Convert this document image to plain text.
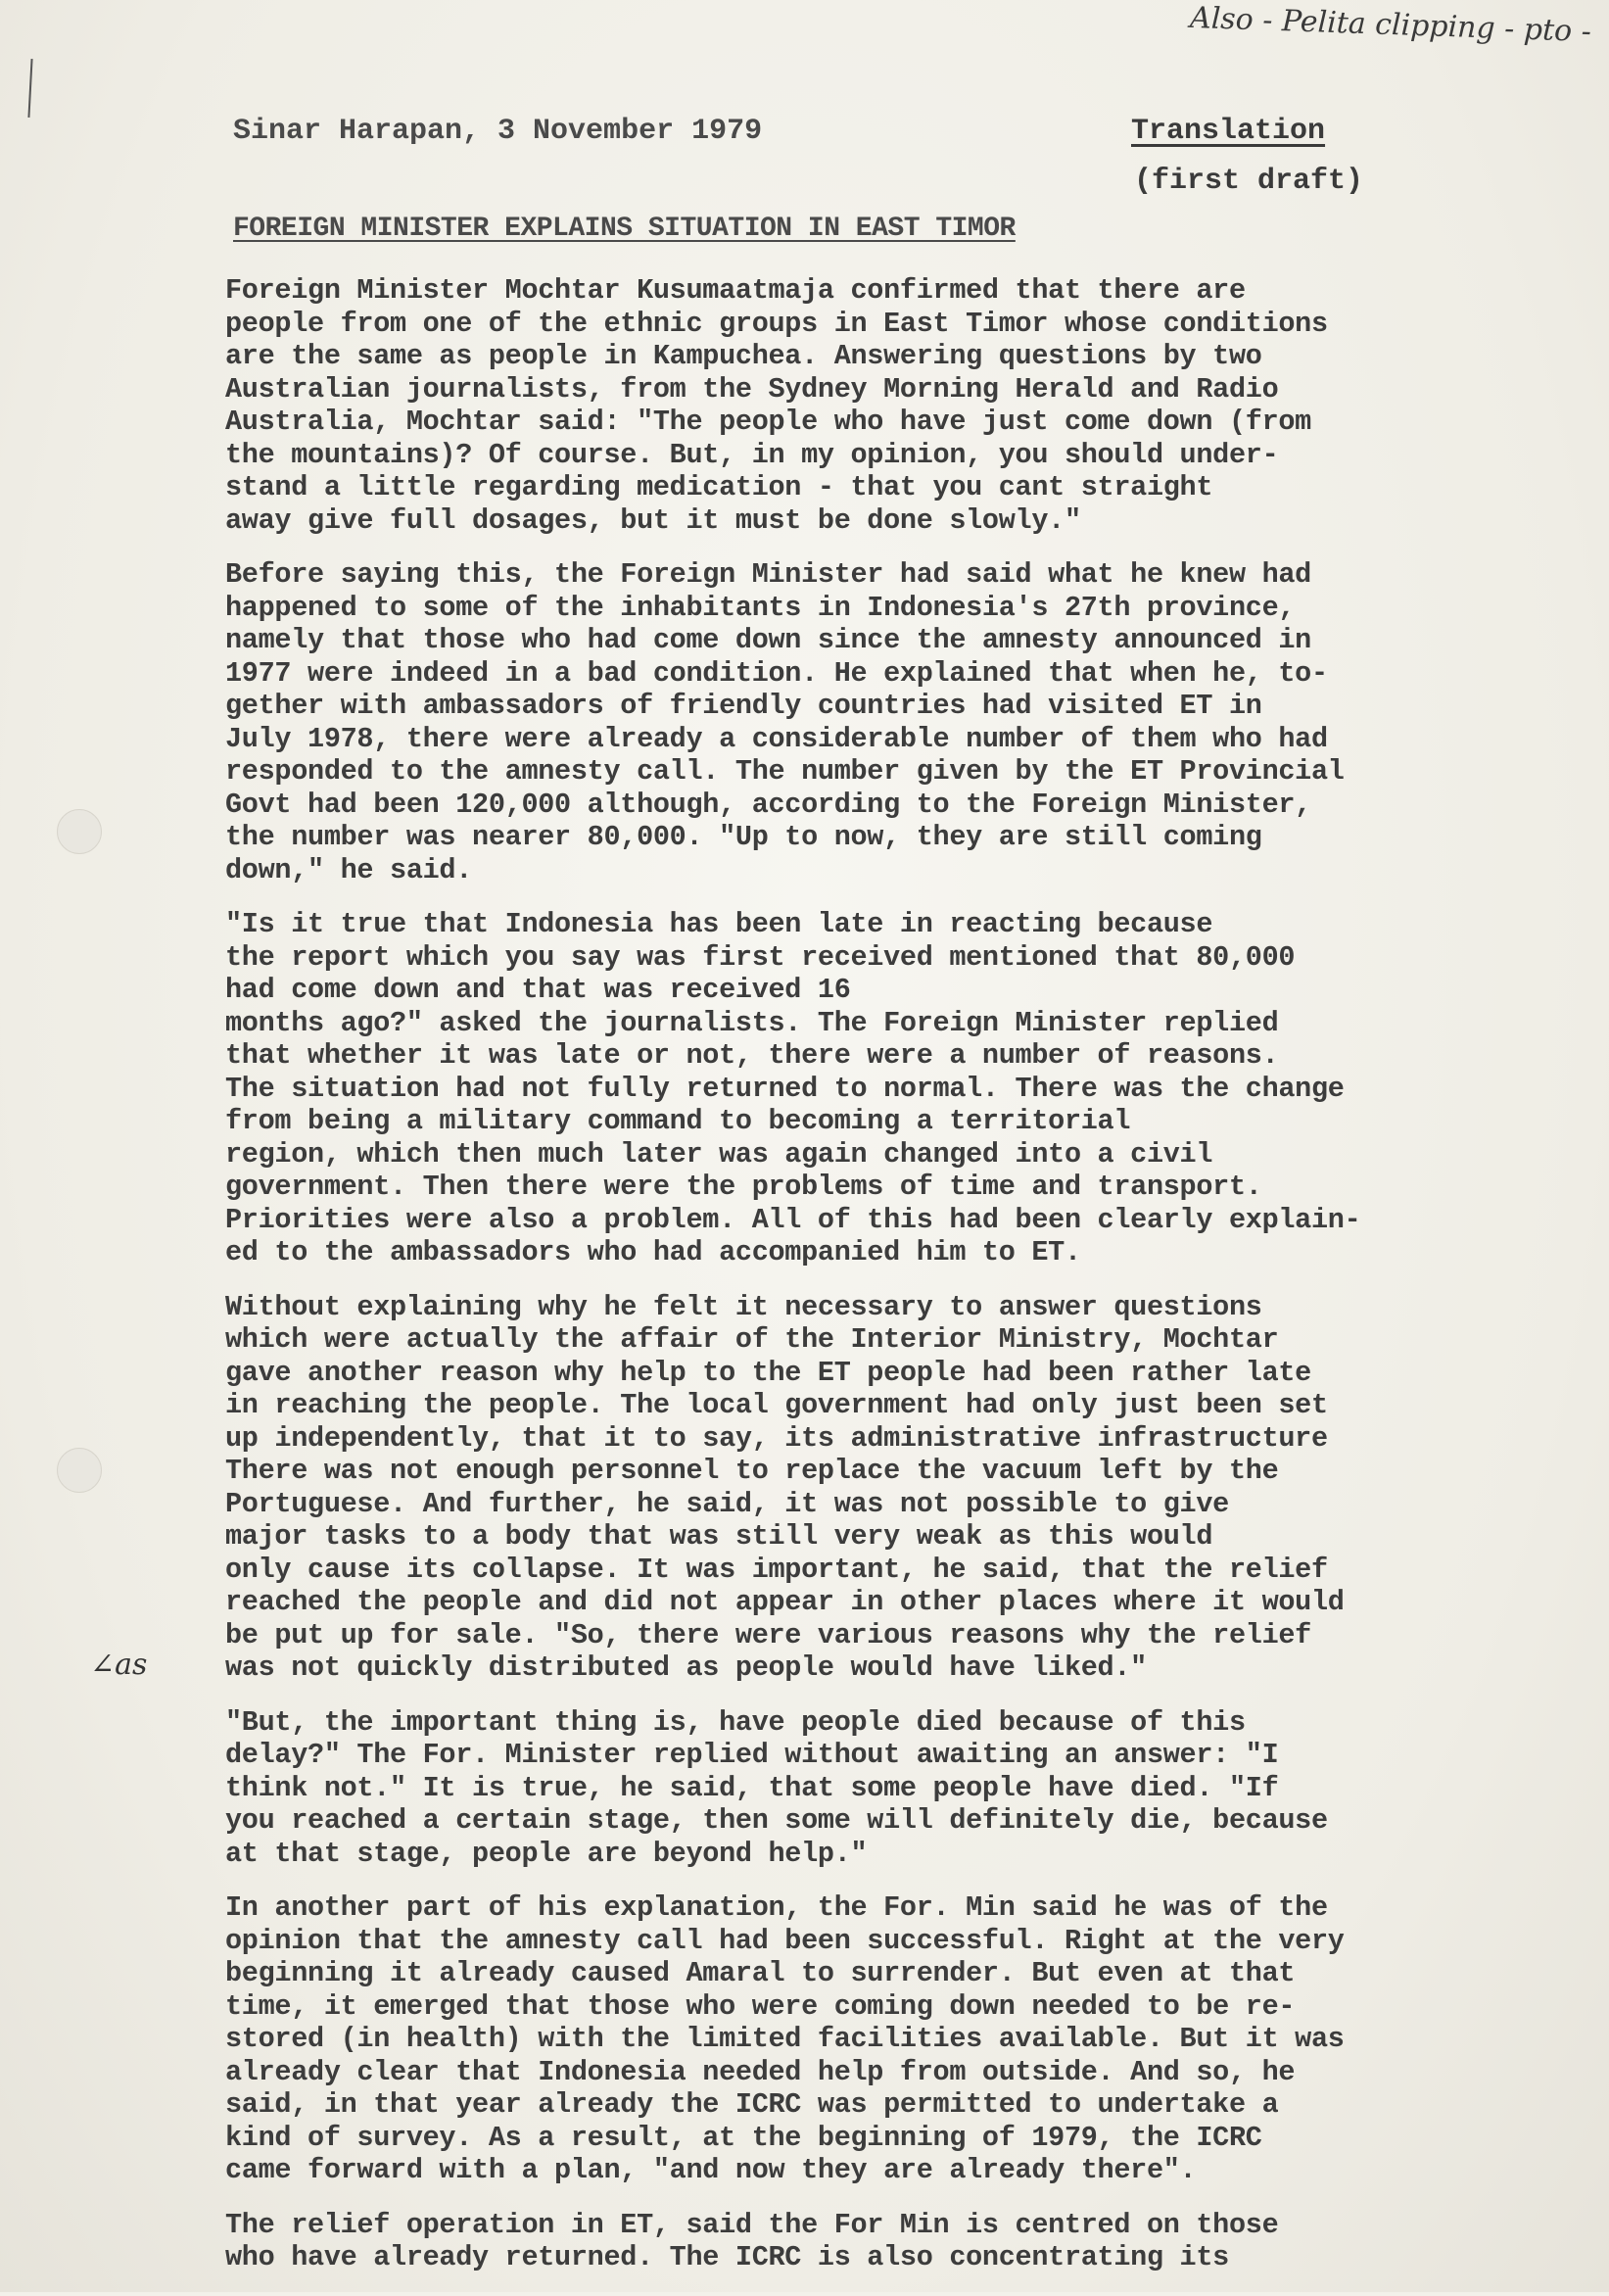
Also - Pelita clipping - pto -
Sinar Harapan, 3 November 1979	Translation
(first draft)
FOREIGN MINISTER EXPLAINS SITUATION IN EAST TIMOR

Foreign Minister Mochtar Kusumaatmaja confirmed that there are
people from one of the ethnic groups in East Timor whose conditions
are the same as people in Kampuchea. Answering questions by two
Australian journalists, from the Sydney Morning Herald and Radio
Australia, Mochtar said: "The people who have just come down (from
the mountains)? Of course. But, in my opinion, you should under-
stand a little regarding medication - that you cant straight
away give full dosages, but it must be done slowly."

Before saying this, the Foreign Minister had said what he knew had
happened to some of the inhabitants in Indonesia's 27th province,
namely that those who had come down since the amnesty announced in
1977 were indeed in a bad condition. He explained that when he, to-
gether with ambassadors of friendly countries had visited ET in
July 1978, there were already a considerable number of them who had
responded to the amnesty call. The number given by the ET Provincial
Govt had been 120,000 although, according to the Foreign Minister,
the number was nearer 80,000. "Up to now, they are still coming
down," he said.

"Is it true that Indonesia has been late in reacting because
the report which you say was first received mentioned that 80,000
had come down and that was received 16
months ago?" asked the journalists. The Foreign Minister replied
that whether it was late or not, there were a number of reasons.
The situation had not fully returned to normal. There was the change
from being a military command to becoming a territorial
region, which then much later was again changed into a civil
government. Then there were the problems of time and transport.
Priorities were also a problem. All of this had been clearly explain-
ed to the ambassadors who had accompanied him to ET.

Without explaining why he felt it necessary to answer questions
which were actually the affair of the Interior Ministry, Mochtar
gave another reason why help to the ET people had been rather late
in reaching the people. The local government had only just been set
up independently, that it to say, its administrative infrastructure
There was not enough personnel to replace the vacuum left by the
Portuguese. And further, he said, it was not possible to give
major tasks to a body that was still very weak as this would
only cause its collapse. It was important, he said, that the relief
reached the people and did not appear in other places where it would
be put up for sale. "So, there were various reasons why the relief
was not quickly distributed as people would have liked."

"But, the important thing is, have people died because of this
delay?" The For. Minister replied without awaiting an answer: "I
think not." It is true, he said, that some people have died. "If
you reached a certain stage, then some will definitely die, because
at that stage, people are beyond help."

In another part of his explanation, the For. Min said he was of the
opinion that the amnesty call had been successful. Right at the very
beginning it already caused Amaral to surrender. But even at that
time, it emerged that those who were coming down needed to be re-
stored (in health) with the limited facilities available. But it was
already clear that Indonesia needed help from outside. And so, he
said, in that year already the ICRC was permitted to undertake a
kind of survey. As a result, at the beginning of 1979, the ICRC
came forward with a plan, "and now they are already there".

The relief operation in ET, said the For Min is centred on those
who have already returned. The ICRC is also concentrating its

∠as
